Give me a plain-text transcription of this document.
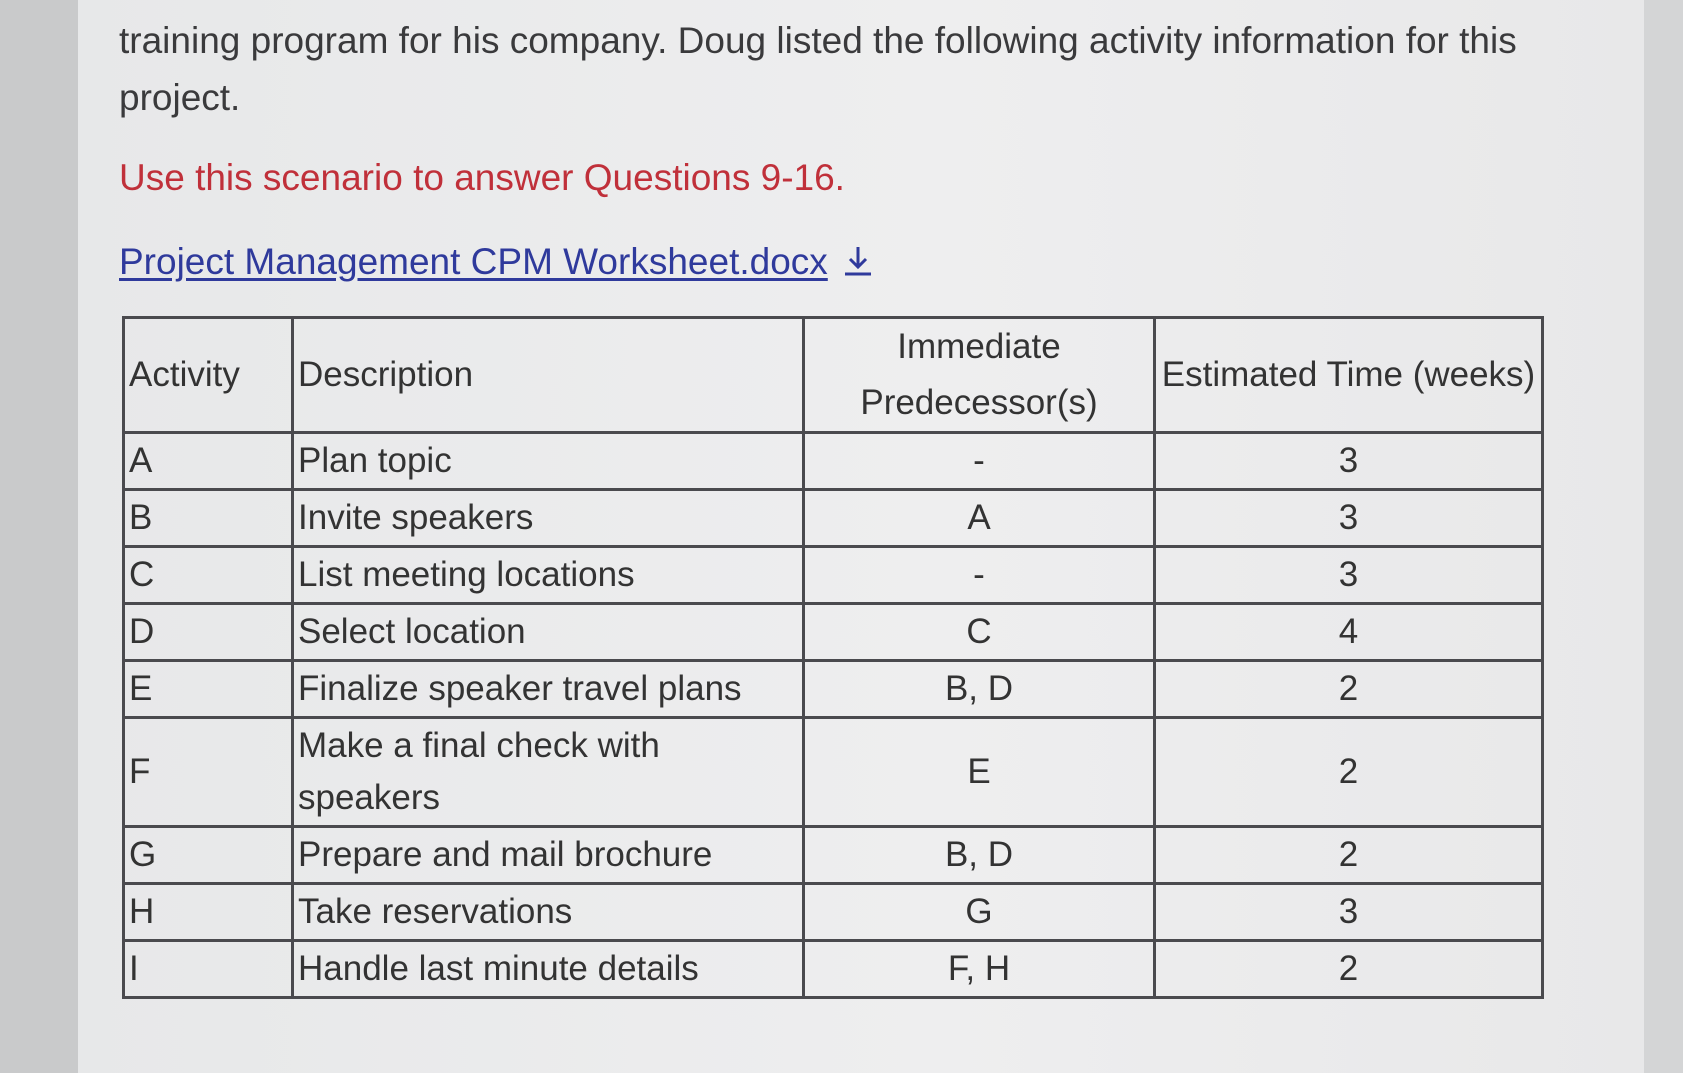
training program for his company. Doug listed the following activity information for this project.
Use this scenario to answer Questions 9-16.
Project Management CPM Worksheet.docx
Activity	Description	Immediate Predecessor(s)	Estimated Time (weeks)
A	Plan topic	-	3
B	Invite speakers	A	3
C	List meeting locations	-	3
D	Select location	C	4
E	Finalize speaker travel plans	B, D	2
F	Make a final check with speakers	E	2
G	Prepare and mail brochure	B, D	2
H	Take reservations	G	3
I	Handle last minute details	F, H	2
